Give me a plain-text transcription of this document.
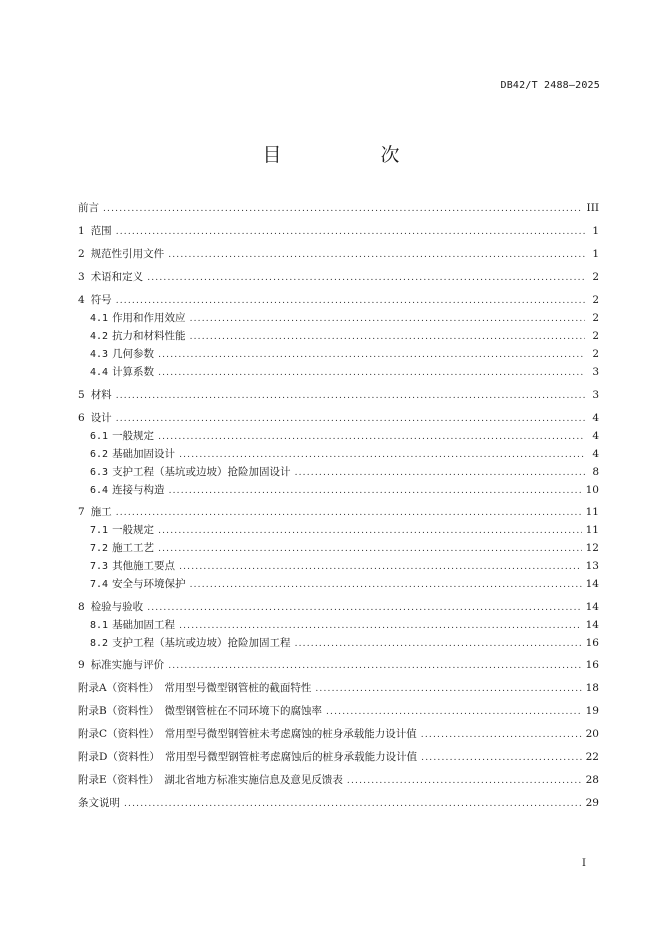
DB42/T 2488—2025
目　次
前言 .....	III
1 范围 .....	1
2 规范性引用文件 .....	1
3 术语和定义 .....	2
4 符号 .....	2
4.1 作用和作用效应 .....	2
4.2 抗力和材料性能 .....	2
4.3 几何参数 .....	2
4.4 计算系数 .....	3
5 材料 .....	3
6 设计 .....	4
6.1 一般规定 .....	4
6.2 基础加固设计 .....	4
6.3 支护工程（基坑或边坡）抢险加固设计 .....	8
6.4 连接与构造 .....	10
7 施工 .....	11
7.1 一般规定 .....	11
7.2 施工工艺 .....	12
7.3 其他施工要点 .....	13
7.4 安全与环境保护 .....	14
8 检验与验收 .....	14
8.1 基础加固工程 .....	14
8.2 支护工程（基坑或边坡）抢险加固工程 .....	16
9 标准实施与评价 .....	16
附录A（资料性）　常用型号微型钢管桩的截面特性 .....	18
附录B（资料性）　微型钢管桩在不同环境下的腐蚀率 .....	19
附录C（资料性）　常用型号微型钢管桩未考虑腐蚀的桩身承载能力设计值 .....	20
附录D（资料性）　常用型号微型钢管桩考虑腐蚀后的桩身承载能力设计值 .....	22
附录E（资料性）　湖北省地方标准实施信息及意见反馈表 .....	28
条文说明 .....	29
I
